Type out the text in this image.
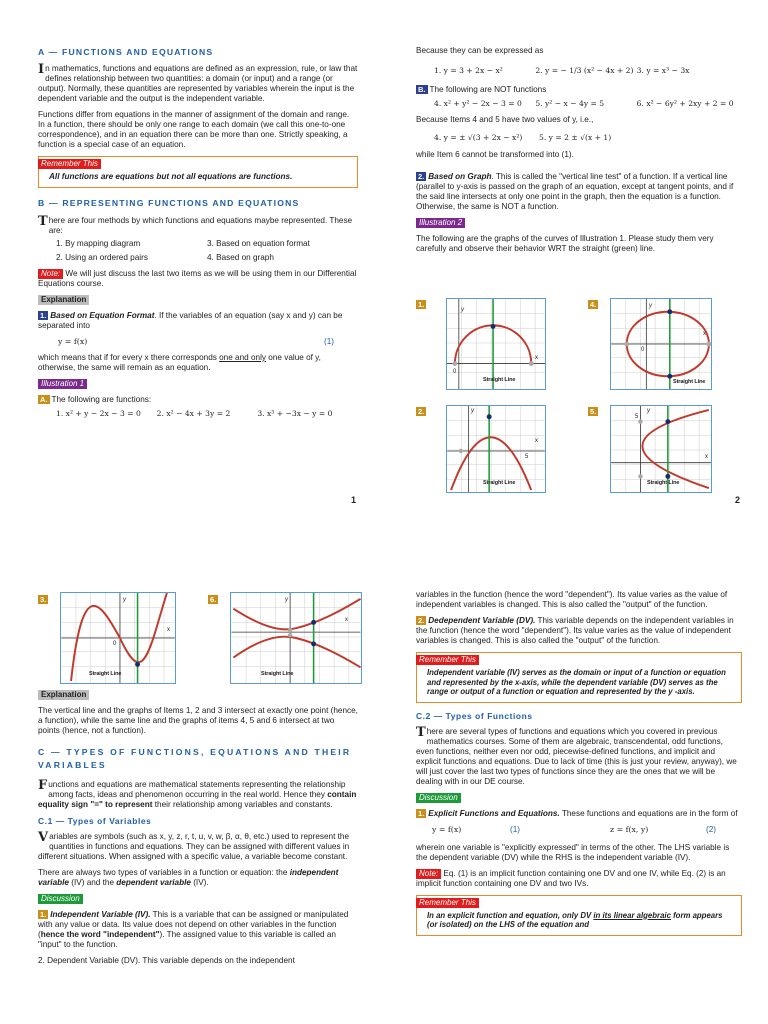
A — FUNCTIONS AND EQUATIONS

In mathematics, functions and equations are defined as an expression, rule, or law that defines relationship between two quantities: a domain (or input) and a range (or output). Normally, these quantities are represented by variables wherein the input is the dependent variable and the output is the independent variable.

Functions differ from equations in the manner of assignment of the domain and range. In a function, there should be only one range to each domain (we call this one-to-one correspondence), and in an equation there can be more than one. Strictly speaking, a function is a special case of an equation.

Remember This
All functions are equations but not all equations are functions.
B — REPRESENTING FUNCTIONS AND EQUATIONS

There are four methods by which functions and equations maybe represented. These are:

1. By mapping diagram	3. Based on equation format
2. Using an ordered pairs	4. Based on graph

Note: We will just discuss the last two items as we will be using them in our Differential Equations course.

Explanation

1. Based on Equation Format. If the variables of an equation (say x and y) can be separated into

y = f(x)	(1)

which means that if for every x there corresponds one and only one value of y, otherwise, the same will remain as an equation.

Illustration 1

A. The following are functions:

1. x² + y − 2x − 3 = 0	2. x² − 4x + 3y = 2	3. x³ + −3x − y = 0
1

Because they can be expressed as

1. y = 3 + 2x − x²	2. y = − 1/3 (x² − 4x + 2) 3. y = x³ − 3x

B. The following are NOT functions

4. x² + y² − 2x − 3 = 0	5. y² − x − 4y = 5	6. x² − 6y² + 2xy + 2 = 0

Because Items 4 and 5 have two values of y, i.e.,

4. y = ± √(3 + 2x − x²)	5. y = 2 ± √(x + 1)

while Item 6 cannot be transformed into (1).

2. Based on Graph. This is called the "vertical line test" of a function. If a vertical line (parallel to y-axis is passed on the graph of an equation, except at tangent points, and if the said line intersects at only one point in the graph, then the equation is a function. Otherwise, the same is NOT a function.

Illustration 2

The following are the graphs of the curves of Illustration 1. Please study them very carefully and observe their behavior WRT the straight (green) line.

1.	4.
2.	5.
y
x
0
Straight Line
y
x
0
Straight Line
y
x
5
Straight Line
y
5
x
Straight Line
2
3.	6.
y
x
0
Straight Line
y
x
Straight Line

Explanation

The vertical line and the graphs of Items 1, 2 and 3 intersect at exactly one point (hence, a function), while the same line and the graphs of items 4, 5 and 6 intersect at two points (hence, not a function).

C — TYPES OF FUNCTIONS, EQUATIONS AND THEIR VARIABLES

Functions and equations are mathematical statements representing the relationship among facts, ideas and phenomenon occurring in the real world. Hence they contain equality sign "=" to represent their relationship among variables and constants.

C.1 — Types of Variables

Variables are symbols (such as x, y, z, r, t, u, v, w, β, α, θ, etc.) used to represent the quantities in functions and equations. They can be assigned with different values in different situations. When assigned with a specific value, a variable become constant.

There are always two types of variables in a function or equation: the independent variable (IV) and the dependent variable (IV).

Discussion

1. Independent Variable (IV). This is a variable that can be assigned or manipulated with any value or data. Its value does not depend on other variables in the function (hence the word "independent"). The assigned value to this variable is called an "input" to the function.

2. Dependent Variable (DV). This variable depends on the independent

variables in the function (hence the word "dependent"). Its value varies as the value of independent variables is changed. This is also called the "output" of the function.

2. Dedependent Variable (DV). This variable depends on the independent variables in the function (hence the word "dependent"). Its value varies as the value of independent variables is changed. This is also called the "output" of the function.

Remember This
Independent variable (IV) serves as the domain or input of a function or equation and represented by the x-axis, while the dependent variable (DV) serves as the range or output of a function or equation and represented by the y -axis.
C.2 — Types of Functions

There are several types of functions and equations which you covered in previous mathematics courses. Some of them are algebraic, transcendental, odd functions, even functions, neither even nor odd, piecewise-defined functions, and implicit and explicit functions and equations. Due to lack of time (this is just your review, anyway), we will just cover the last two types of functions since they are the ones that we will be dealing with in our DE course.

Discussion

1. Explicit Functions and Equations. These functions and equations are in the form of

y = f(x)	(1)	z = f(x, y)	(2)

wherein one variable is "explicitly expressed" in terms of the other. The LHS variable is the dependent variable (DV) while the RHS is the independent variable (IV).

Note: Eq. (1) is an implicit function containing one DV and one IV, while Eq. (2) is an implicit function containing one DV and two IVs.

Remember This
In an explicit function and equation, only DV in its linear algebraic form appears (or isolated) on the LHS of the equation and
